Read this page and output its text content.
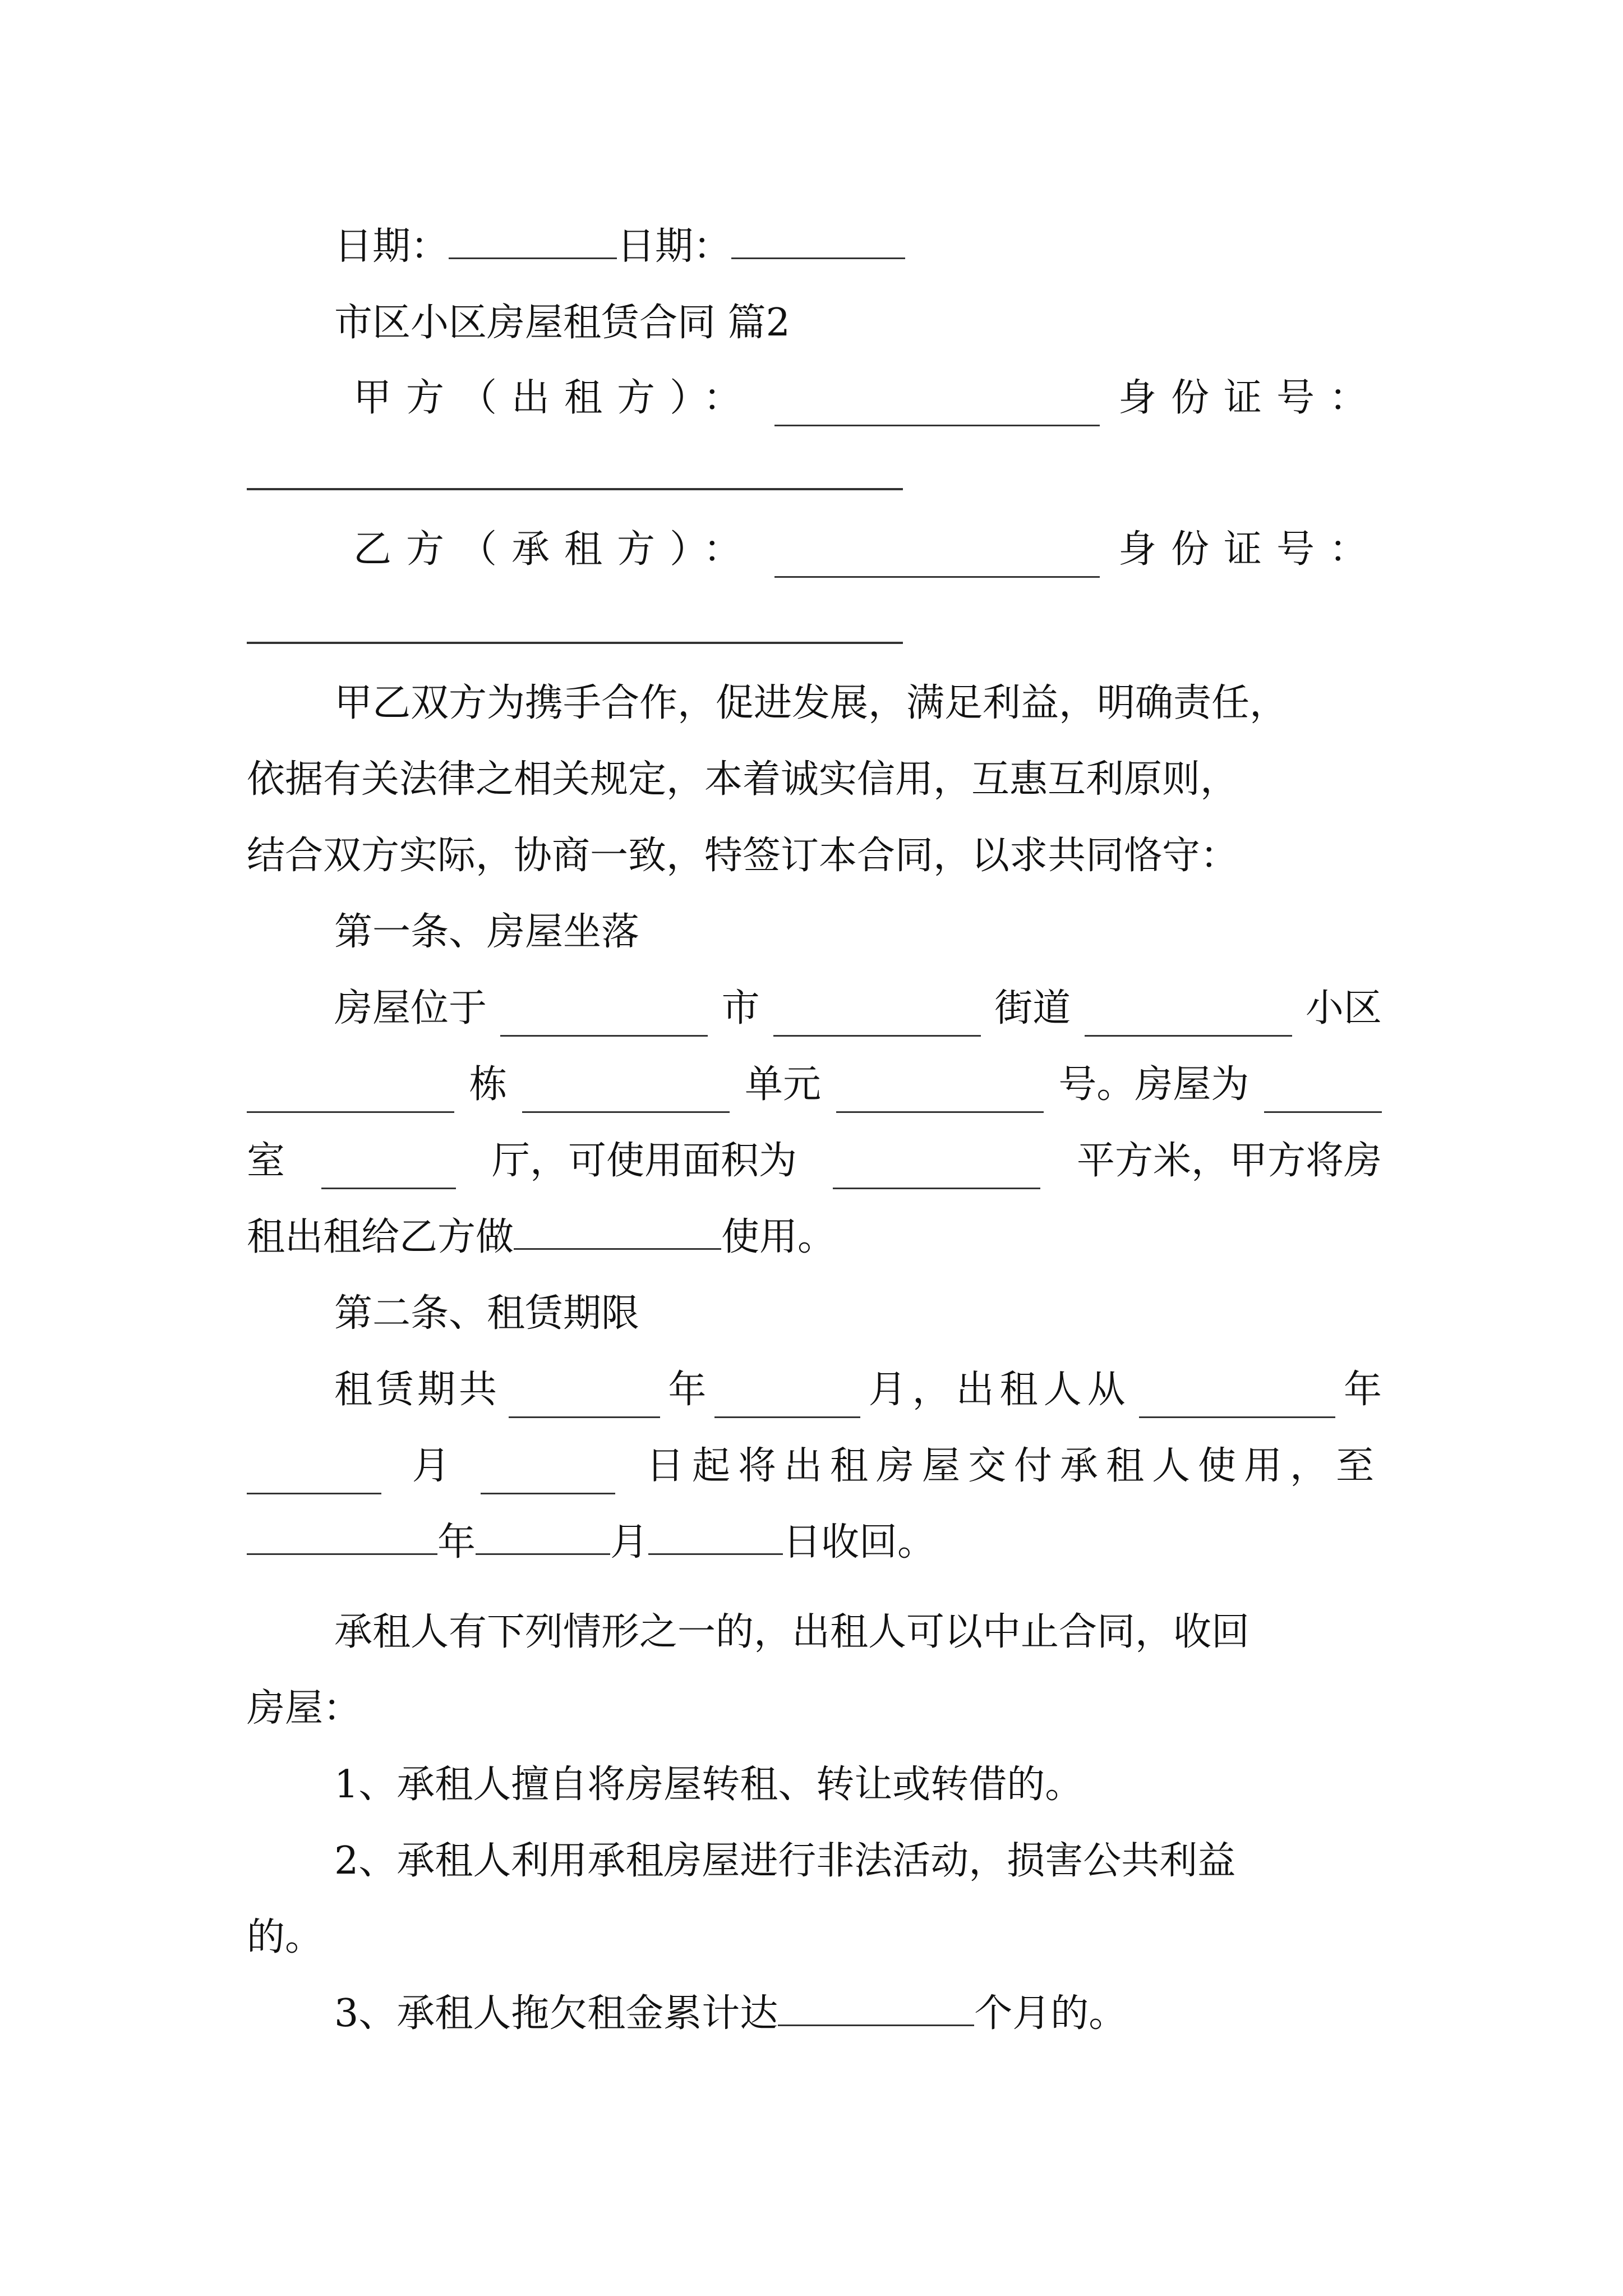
日期：	日期：
市区小区房屋租赁合同 篇2
甲方（出租方）：	身份证号：
乙方（承租方）：	身份证号：
甲乙双方为携手合作，促进发展，满足利益，明确责任，
依据有关法律之相关规定，本着诚实信用，互惠互利原则，
结合双方实际，协商一致，特签订本合同，以求共同恪守：
第一条、房屋坐落
房屋位于	市	街道	小区
栋	单元	号。房屋为
室	厅，可使用面积为	平方米，甲方将房
租出租给乙方做	使用。
第二条、租赁期限
租赁期共	年	月，出租人从	年
月	日起将出租房屋交付承租人使用，至
年	月	日收回。
承租人有下列情形之一的，出租人可以中止合同，收回
房屋：
1、承租人擅自将房屋转租、转让或转借的。
2、承租人利用承租房屋进行非法活动，损害公共利益
的。
3、承租人拖欠租金累计达	个月的。
